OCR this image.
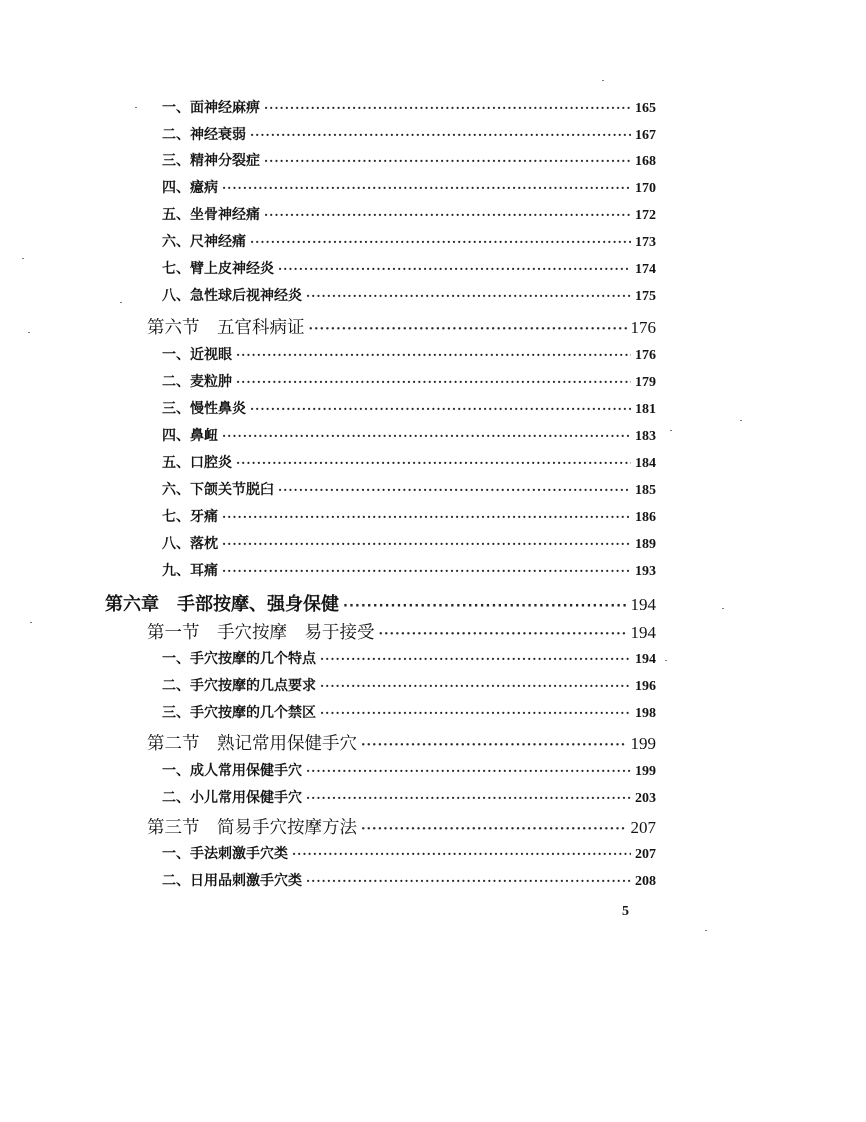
一、面神经麻痹 ·····	165
二、神经衰弱 ·····	167
三、精神分裂症 ·····	168
四、癔病 ·····	170
五、坐骨神经痛 ·····	172
六、尺神经痛 ·····	173
七、臂上皮神经炎 ·····	174
八、急性球后视神经炎 ·····	175
第六节　五官科病证 ·····	176
一、近视眼 ·····	176
二、麦粒肿 ·····	179
三、慢性鼻炎 ·····	181
四、鼻衄 ·····	183
五、口腔炎 ·····	184
六、下颌关节脱臼 ·····	185
七、牙痛 ·····	186
八、落枕 ·····	189
九、耳痛 ·····	193
第六章　手部按摩、强身保健 ·····	194
第一节　手穴按摩　易于接受 ·····	194
一、手穴按摩的几个特点 ·····	194
二、手穴按摩的几点要求 ·····	196
三、手穴按摩的几个禁区 ·····	198
第二节　熟记常用保健手穴 ·····	199
一、成人常用保健手穴 ·····	199
二、小儿常用保健手穴 ·····	203
第三节　简易手穴按摩方法 ·····	207
一、手法刺激手穴类 ·····	207
二、日用品刺激手穴类 ·····	208
5
